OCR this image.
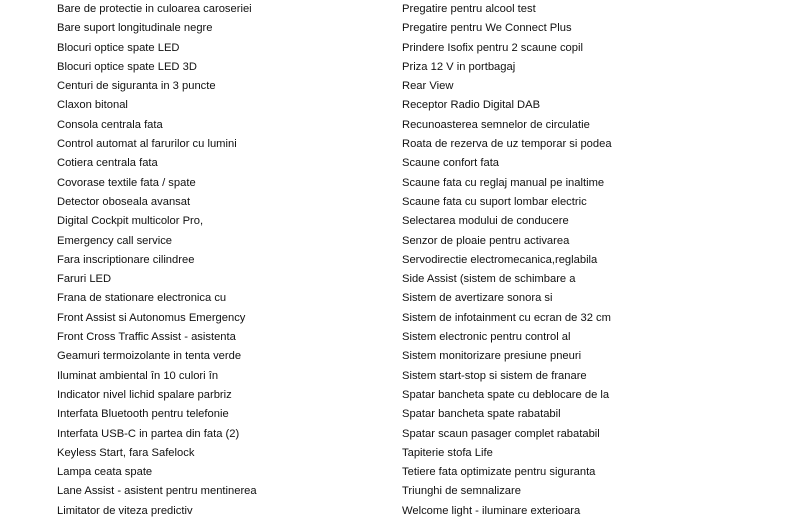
Bare de protectie in culoarea caroseriei
Bare suport longitudinale negre
Blocuri optice spate LED
Blocuri optice spate LED 3D
Centuri de siguranta in 3 puncte
Claxon bitonal
Consola centrala fata
Control automat al farurilor cu lumini
Cotiera centrala fata
Covorase textile fata / spate
Detector oboseala avansat
Digital Cockpit multicolor Pro,
Emergency call service
Fara inscriptionare cilindree
Faruri LED
Frana de stationare electronica cu
Front Assist si Autonomus Emergency
Front Cross Traffic Assist - asistenta
Geamuri termoizolante in tenta verde
Iluminat ambiental în 10 culori în
Indicator nivel lichid spalare parbriz
Interfata Bluetooth pentru telefonie
Interfata USB-C in partea din fata (2)
Keyless Start, fara Safelock
Lampa ceata spate
Lane Assist - asistent pentru mentinerea
Limitator de viteza predictiv
Pregatire pentru alcool test
Pregatire pentru We Connect Plus
Prindere Isofix pentru 2 scaune copil
Priza 12 V in portbagaj
Rear View
Receptor Radio Digital DAB
Recunoasterea semnelor de circulatie
Roata de rezerva de uz temporar si podea
Scaune confort fata
Scaune fata cu reglaj manual pe inaltime
Scaune fata cu suport lombar electric
Selectarea modului de conducere
Senzor de ploaie pentru activarea
Servodirectie electromecanica,reglabila
Side Assist (sistem de schimbare a
Sistem de avertizare sonora si
Sistem de infotainment cu ecran de 32 cm
Sistem electronic pentru control al
Sistem monitorizare presiune pneuri
Sistem start-stop si sistem de franare
Spatar bancheta spate cu deblocare de la
Spatar bancheta spate rabatabil
Spatar scaun pasager complet rabatabil
Tapiterie stofa Life
Tetiere fata optimizate pentru siguranta
Triunghi de semnalizare
Welcome light - iluminare exterioara
